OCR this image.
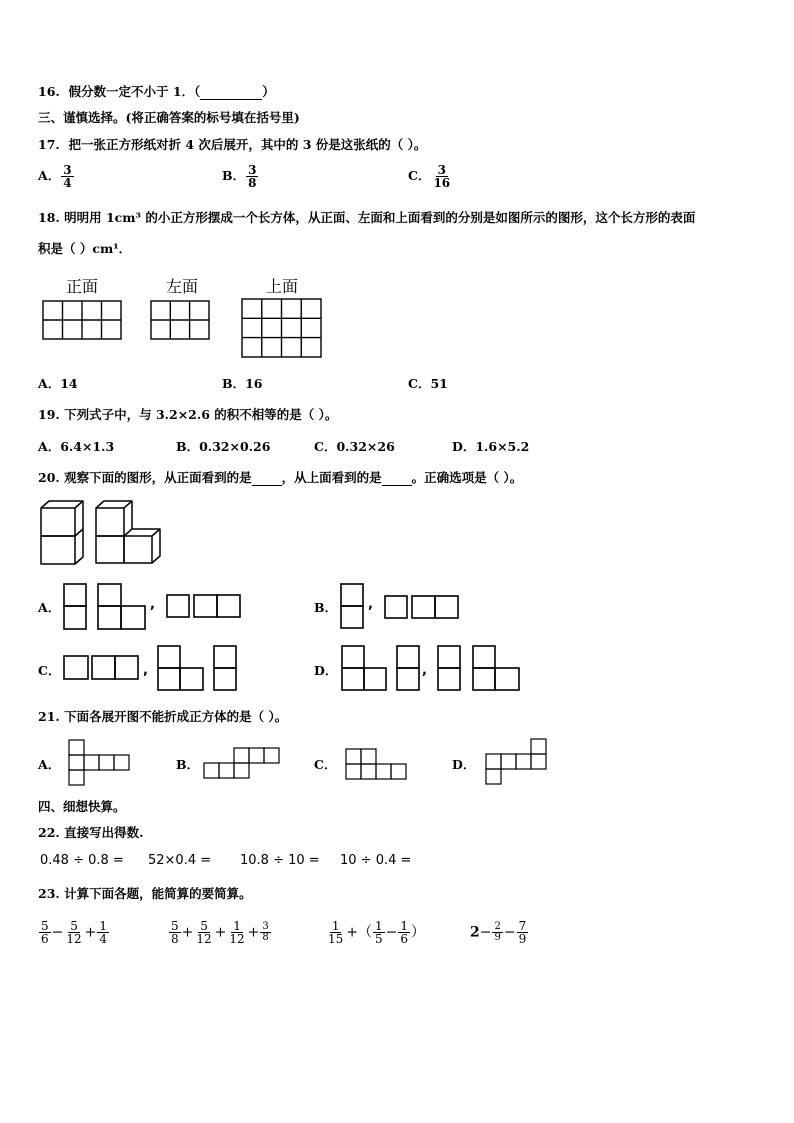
16. 假分数一定不小于 1．（	）
三、谨慎选择。(将正确答案的标号填在括号里)
17. 把一张正方形纸对折 4 次后展开，其中的 3 份是这张纸的（ ）。
A． $\frac{3}{4}$	B． $\frac{3}{8}$	C． $\frac{3}{16}$
18. 明明用 1cm³ 的小正方形摆成一个长方体，从正面、左面和上面看到的分别是如图所示的图形，这个长方形的表面
积是（ ）cm¹．
正面	左面	上面
A．14	B．16	C．51
19. 下列式子中，与 3.2×2.6 的积不相等的是（ ）。
A．6.4×1.3	B．0.32×0.26	C．0.32×26	D．1.6×5.2
20. 观察下面的图形，从正面看到的是 ，从上面看到的是 。正确选项是（ ）。
,	,
,	,
A．	B．
C．	D．
21. 下面各展开图不能折成正方体的是（ ）。
A．	B．	C．	D．
四、细想快算。
22. 直接写出得数.
0.48 ÷ 0.8 = 52×0.4 = 10.8 ÷ 10 = 10 ÷ 0.4 =
23. 计算下面各题，能简算的要简算。
$\frac{5}{6} - \frac{5}{12} + \frac{1}{4}$	$\frac{5}{8} + \frac{5}{12} + \frac{1}{12} + \frac{3}{8}$	$\frac{1}{15}$ +（ $\frac{1}{5} - \frac{1}{6}$ ）	$2- \frac{2}{9} - \frac{7}{9}$
